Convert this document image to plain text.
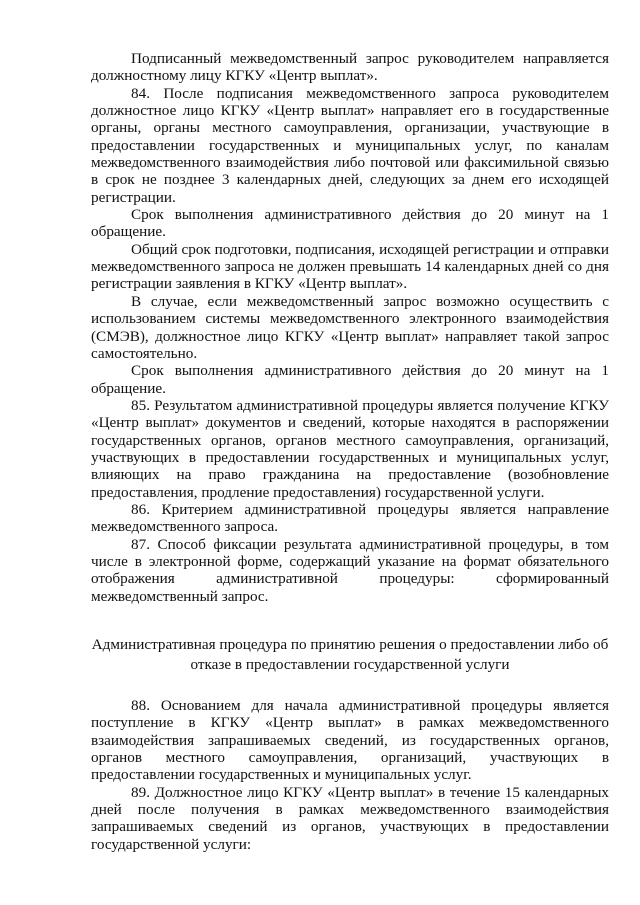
Подписанный межведомственный запрос руководителем направляется должностному лицу КГКУ «Центр выплат».

84. После подписания межведомственного запроса руководителем должностное лицо КГКУ «Центр выплат» направляет его в государственные органы, органы местного самоуправления, организации, участвующие в предоставлении государственных и муниципальных услуг, по каналам межведомственного взаимодействия либо почтовой или факсимильной связью в срок не позднее 3 календарных дней, следующих за днем его исходящей регистрации.

Срок выполнения административного действия до 20 минут на 1 обращение.

Общий срок подготовки, подписания, исходящей регистрации и отправки межведомственного запроса не должен превышать 14 календарных дней со дня регистрации заявления в КГКУ «Центр выплат».

В случае, если межведомственный запрос возможно осуществить с использованием системы межведомственного электронного взаимодействия (СМЭВ), должностное лицо КГКУ «Центр выплат» направляет такой запрос самостоятельно.

Срок выполнения административного действия до 20 минут на 1 обращение.

85. Результатом административной процедуры является получение КГКУ «Центр выплат» документов и сведений, которые находятся в распоряжении государственных органов, органов местного самоуправления, организаций, участвующих в предоставлении государственных и муниципальных услуг, влияющих на право гражданина на предоставление (возобновление предоставления, продление предоставления) государственной услуги.

86. Критерием административной процедуры является направление межведомственного запроса.

87. Способ фиксации результата административной процедуры, в том числе в электронной форме, содержащий указание на формат обязательного отображения административной процедуры: сформированный межведомственный запрос.

Административная процедура по принятию решения о предоставлении либо об
отказе в предоставлении государственной услуги

88. Основанием для начала административной процедуры является поступление в КГКУ «Центр выплат» в рамках межведомственного взаимодействия запрашиваемых сведений, из государственных органов, органов местного самоуправления, организаций, участвующих в предоставлении государственных и муниципальных услуг.

89. Должностное лицо КГКУ «Центр выплат» в течение 15 календарных дней после получения в рамках межведомственного взаимодействия запрашиваемых сведений из органов, участвующих в предоставлении государственной услуги:
